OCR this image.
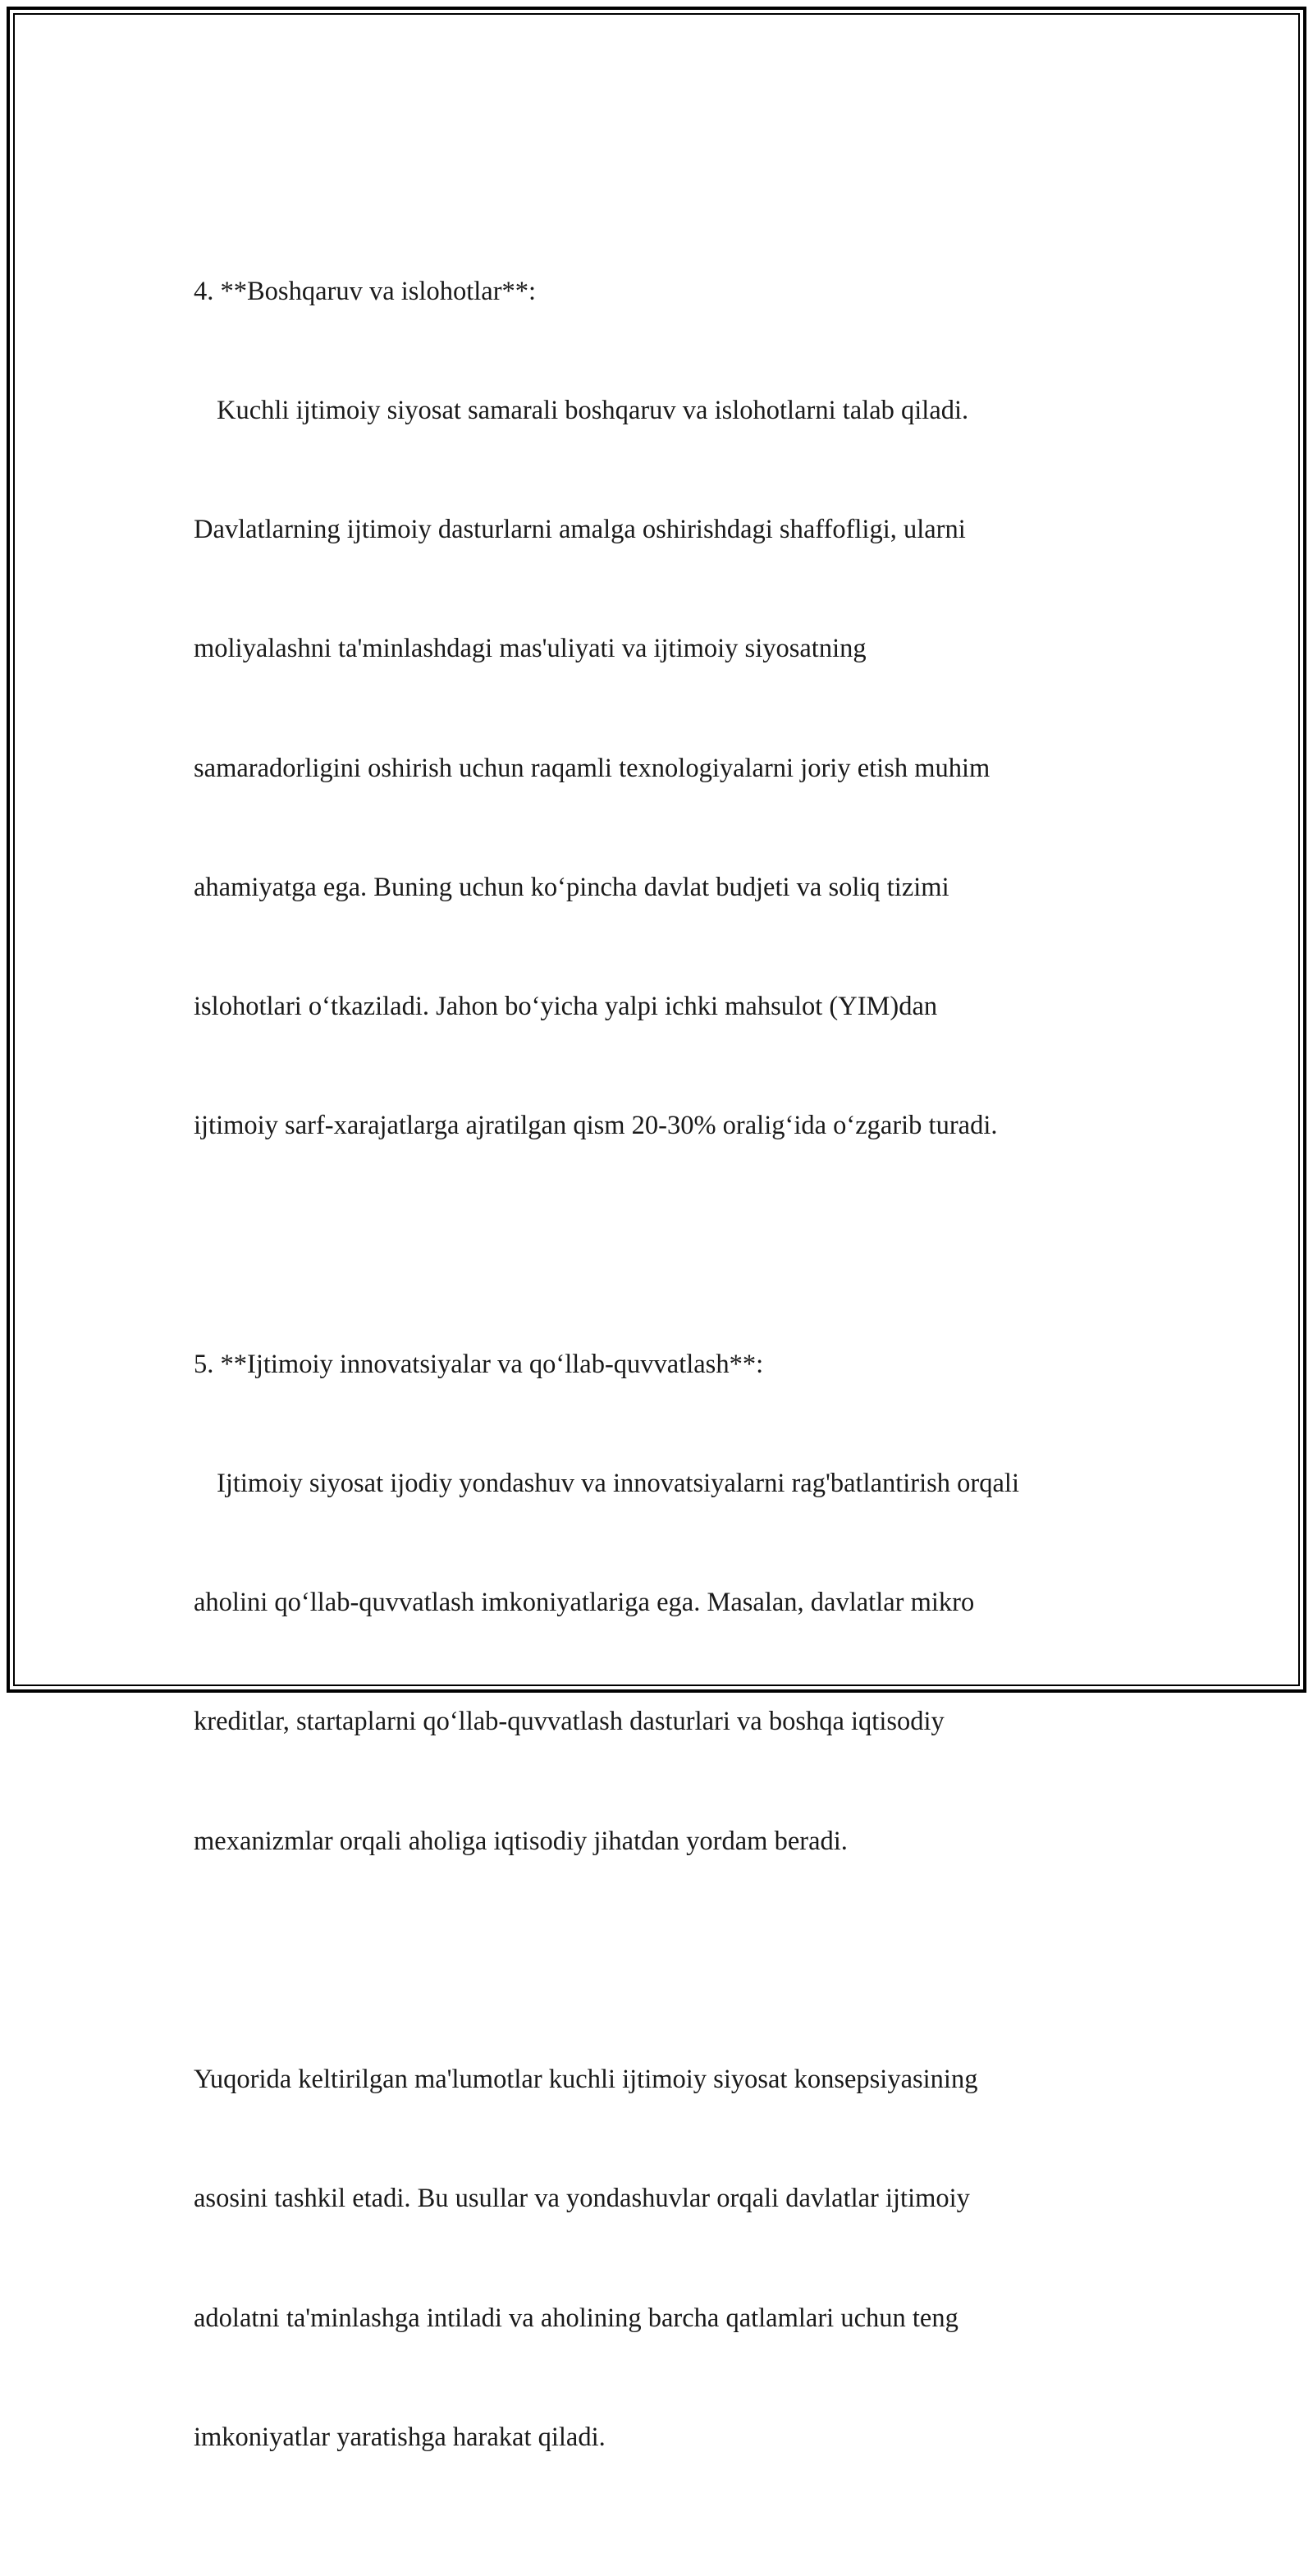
4. **Boshqaruv va islohotlar**:

Kuchli ijtimoiy siyosat samarali boshqaruv va islohotlarni talab qiladi.

Davlatlarning ijtimoiy dasturlarni amalga oshirishdagi shaffofligi, ularni

moliyalashni ta'minlashdagi mas'uliyati va ijtimoiy siyosatning

samaradorligini oshirish uchun raqamli texnologiyalarni joriy etish muhim

ahamiyatga ega. Buning uchun ko‘pincha davlat budjeti va soliq tizimi

islohotlari o‘tkaziladi. Jahon bo‘yicha yalpi ichki mahsulot (YIM)dan

ijtimoiy sarf-xarajatlarga ajratilgan qism 20-30% oralig‘ida o‘zgarib turadi.

5. **Ijtimoiy innovatsiyalar va qo‘llab-quvvatlash**:

Ijtimoiy siyosat ijodiy yondashuv va innovatsiyalarni rag'batlantirish orqali

aholini qo‘llab-quvvatlash imkoniyatlariga ega. Masalan, davlatlar mikro

kreditlar, startaplarni qo‘llab-quvvatlash dasturlari va boshqa iqtisodiy

mexanizmlar orqali aholiga iqtisodiy jihatdan yordam beradi.

Yuqorida keltirilgan ma'lumotlar kuchli ijtimoiy siyosat konsepsiyasining

asosini tashkil etadi. Bu usullar va yondashuvlar orqali davlatlar ijtimoiy

adolatni ta'minlashga intiladi va aholining barcha qatlamlari uchun teng

imkoniyatlar yaratishga harakat qiladi.
